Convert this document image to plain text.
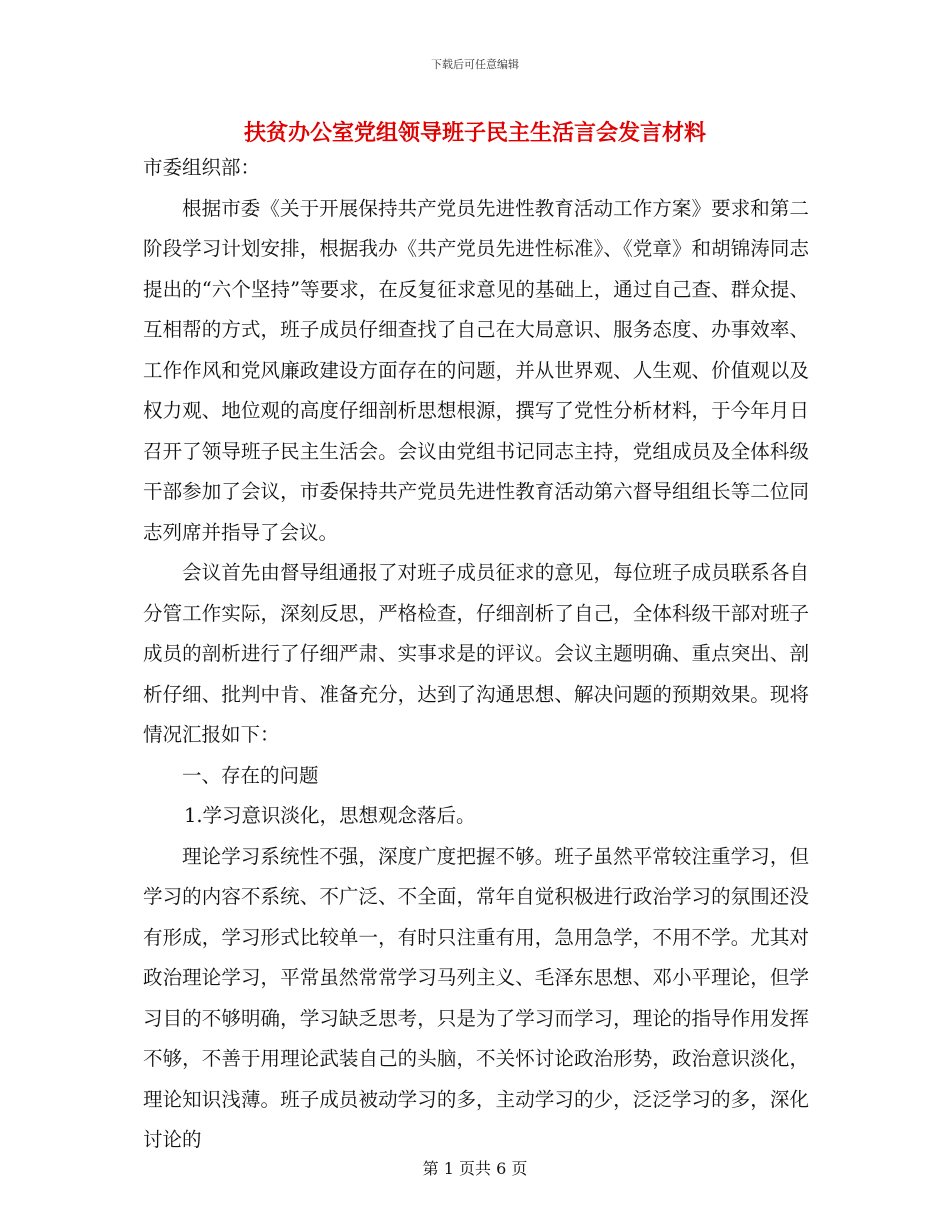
下载后可任意编辑
扶贫办公室党组领导班子民主生活言会发言材料

市委组织部：

根据市委《关于开展保持共产党员先进性教育活动工作方案》要求和第二阶段学习计划安排，根据我办《共产党员先进性标准》、《党章》和胡锦涛同志提出的“六个坚持”等要求，在反复征求意见的基础上，通过自己查、群众提、互相帮的方式，班子成员仔细查找了自己在大局意识、服务态度、办事效率、工作作风和党风廉政建设方面存在的问题，并从世界观、人生观、价值观以及权力观、地位观的高度仔细剖析思想根源，撰写了党性分析材料，于今年月日召开了领导班子民主生活会。会议由党组书记同志主持，党组成员及全体科级干部参加了会议，市委保持共产党员先进性教育活动第六督导组组长等二位同志列席并指导了会议。

会议首先由督导组通报了对班子成员征求的意见，每位班子成员联系各自分管工作实际，深刻反思，严格检查，仔细剖析了自己，全体科级干部对班子成员的剖析进行了仔细严肃、实事求是的评议。会议主题明确、重点突出、剖析仔细、批判中肯、准备充分，达到了沟通思想、解决问题的预期效果。现将情况汇报如下：

一、存在的问题

1.学习意识淡化，思想观念落后。

理论学习系统性不强，深度广度把握不够。班子虽然平常较注重学习，但学习的内容不系统、不广泛、不全面，常年自觉积极进行政治学习的氛围还没有形成，学习形式比较单一，有时只注重有用，急用急学，不用不学。尤其对政治理论学习，平常虽然常常学习马列主义、毛泽东思想、邓小平理论，但学习目的不够明确，学习缺乏思考，只是为了学习而学习，理论的指导作用发挥不够，不善于用理论武装自己的头脑，不关怀讨论政治形势，政治意识淡化，理论知识浅薄。班子成员被动学习的多，主动学习的少，泛泛学习的多，深化讨论的

第 1 页共 6 页
